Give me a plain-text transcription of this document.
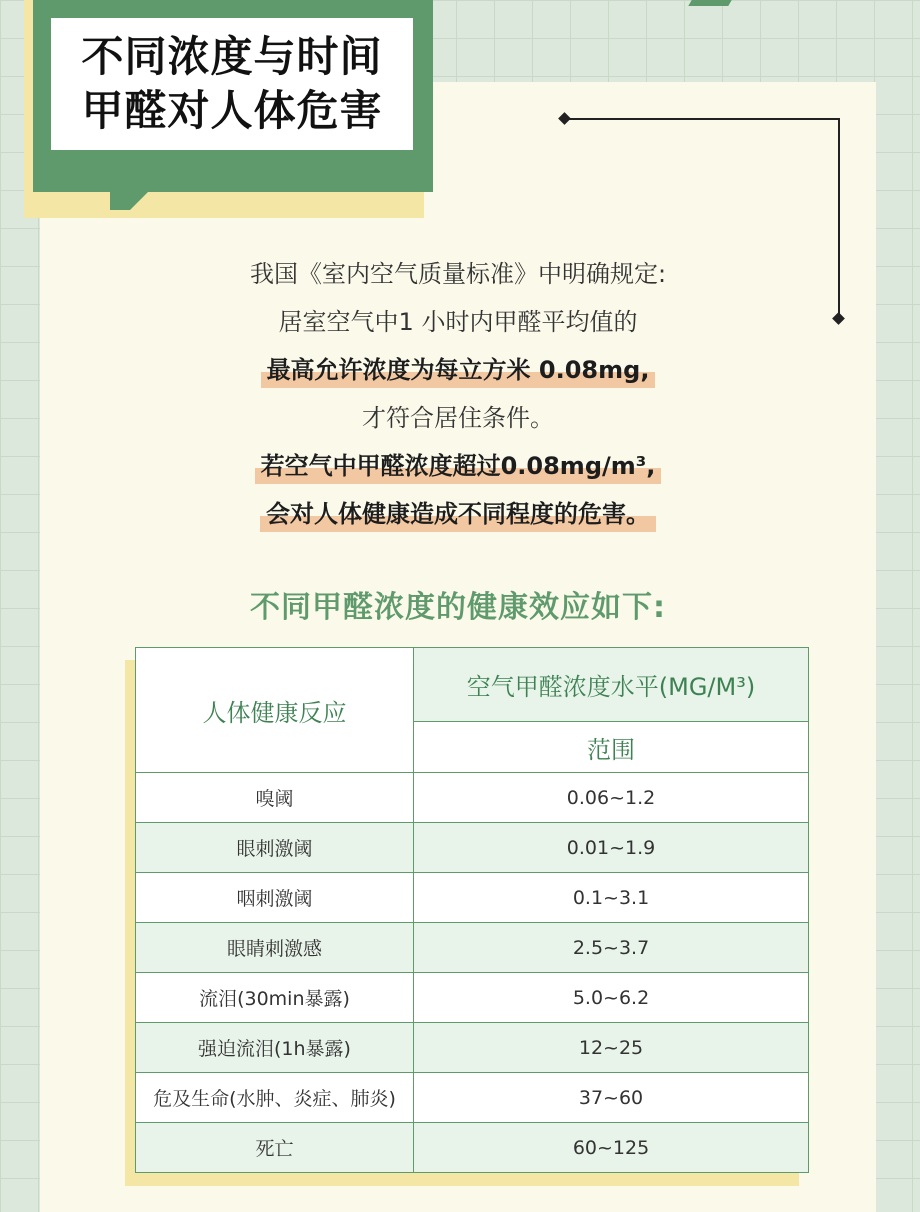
不同浓度与时间
甲醛对人体危害
我国《室内空气质量标准》中明确规定:
居室空气中1 小时内甲醛平均值的
最高允许浓度为每立方米 0.08mg,
才符合居住条件。
若空气中甲醛浓度超过0.08mg/m³,
会对人体健康造成不同程度的危害。
不同甲醛浓度的健康效应如下:
人体健康反应
空气甲醛浓度水平(MG/M³)
范围
嗅阈	0.06~1.2
眼刺激阈	0.01~1.9
咽刺激阈	0.1~3.1
眼睛刺激感	2.5~3.7
流泪(30min暴露)	5.0~6.2
强迫流泪(1h暴露)	12~25
危及生命(水肿、炎症、肺炎)	37~60
死亡	60~125
